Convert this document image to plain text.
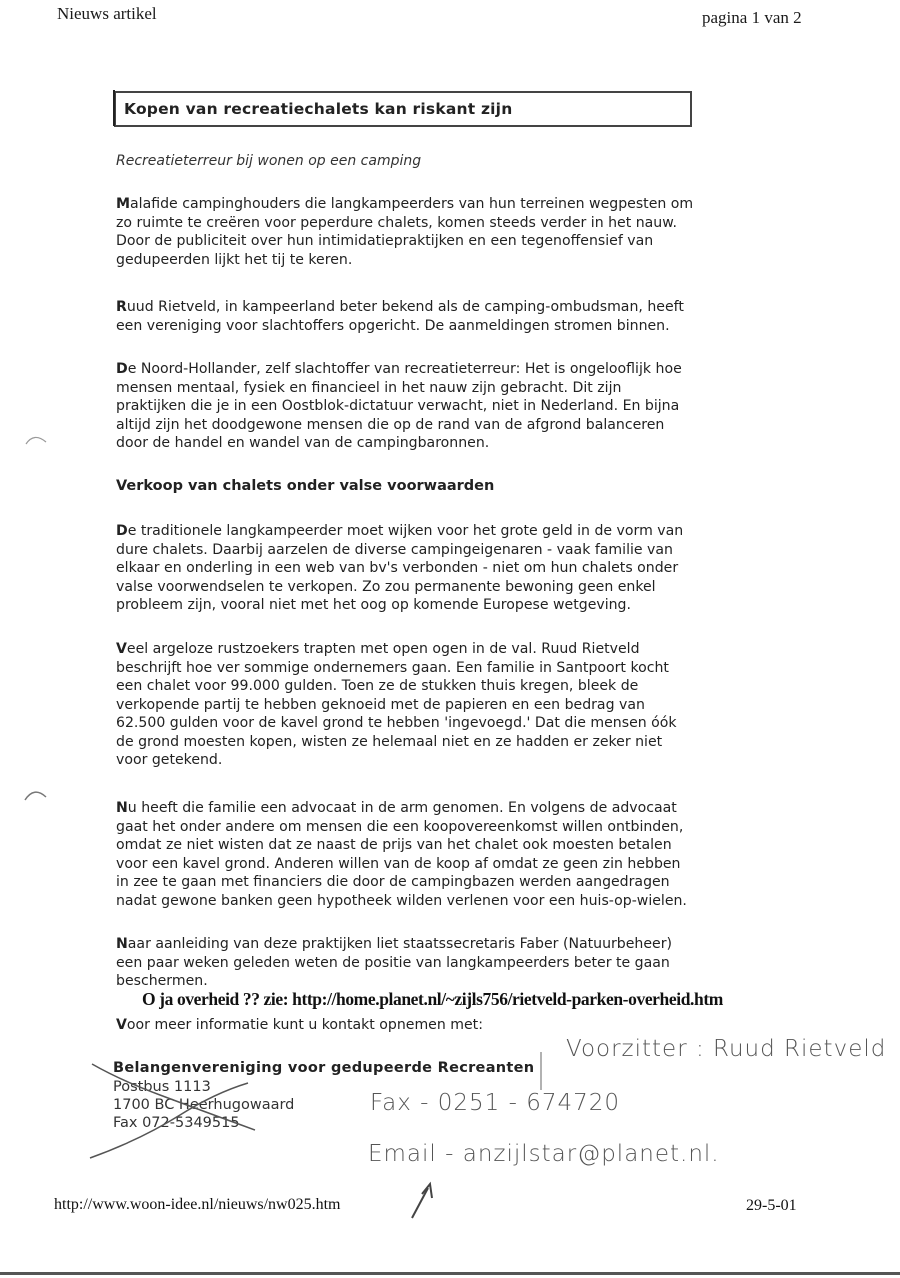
Nieuws artikel	pagina 1 van 2
Kopen van recreatiechalets kan riskant zijn
Recreatieterreur bij wonen op een camping
Malafide campinghouders die langkampeerders van hun terreinen wegpesten om
zo ruimte te creëren voor peperdure chalets, komen steeds verder in het nauw.
Door de publiciteit over hun intimidatiepraktijken en een tegenoffensief van
gedupeerden lijkt het tij te keren.
Ruud Rietveld, in kampeerland beter bekend als de camping-ombudsman, heeft
een vereniging voor slachtoffers opgericht. De aanmeldingen stromen binnen.
De Noord-Hollander, zelf slachtoffer van recreatieterreur: Het is ongelooflijk hoe
mensen mentaal, fysiek en financieel in het nauw zijn gebracht. Dit zijn
praktijken die je in een Oostblok-dictatuur verwacht, niet in Nederland. En bijna
altijd zijn het doodgewone mensen die op de rand van de afgrond balanceren
door de handel en wandel van de campingbaronnen.
Verkoop van chalets onder valse voorwaarden
De traditionele langkampeerder moet wijken voor het grote geld in de vorm van
dure chalets. Daarbij aarzelen de diverse campingeigenaren - vaak familie van
elkaar en onderling in een web van bv's verbonden - niet om hun chalets onder
valse voorwendselen te verkopen. Zo zou permanente bewoning geen enkel
probleem zijn, vooral niet met het oog op komende Europese wetgeving.
Veel argeloze rustzoekers trapten met open ogen in de val. Ruud Rietveld
beschrijft hoe ver sommige ondernemers gaan. Een familie in Santpoort kocht
een chalet voor 99.000 gulden. Toen ze de stukken thuis kregen, bleek de
verkopende partij te hebben geknoeid met de papieren en een bedrag van
62.500 gulden voor de kavel grond te hebben 'ingevoegd.' Dat die mensen óók
de grond moesten kopen, wisten ze helemaal niet en ze hadden er zeker niet
voor getekend.
Nu heeft die familie een advocaat in de arm genomen. En volgens de advocaat
gaat het onder andere om mensen die een koopovereenkomst willen ontbinden,
omdat ze niet wisten dat ze naast de prijs van het chalet ook moesten betalen
voor een kavel grond. Anderen willen van de koop af omdat ze geen zin hebben
in zee te gaan met financiers die door de campingbazen werden aangedragen
nadat gewone banken geen hypotheek wilden verlenen voor een huis-op-wielen.
Naar aanleiding van deze praktijken liet staatssecretaris Faber (Natuurbeheer)
een paar weken geleden weten de positie van langkampeerders beter te gaan
beschermen.
O ja overheid ?? zie: http://home.planet.nl/~zijls756/rietveld-parken-overheid.htm
Voor meer informatie kunt u kontakt opnemen met:
Belangenvereniging voor gedupeerde Recreanten
Postbus 1113
1700 BC Heerhugowaard
Fax 072-5349515
Voorzitter : Ruud Rietveld
Fax - 0251 - 674720
Email - anzijlstar@planet.nl.
http://www.woon-idee.nl/nieuws/nw025.htm	29-5-01
